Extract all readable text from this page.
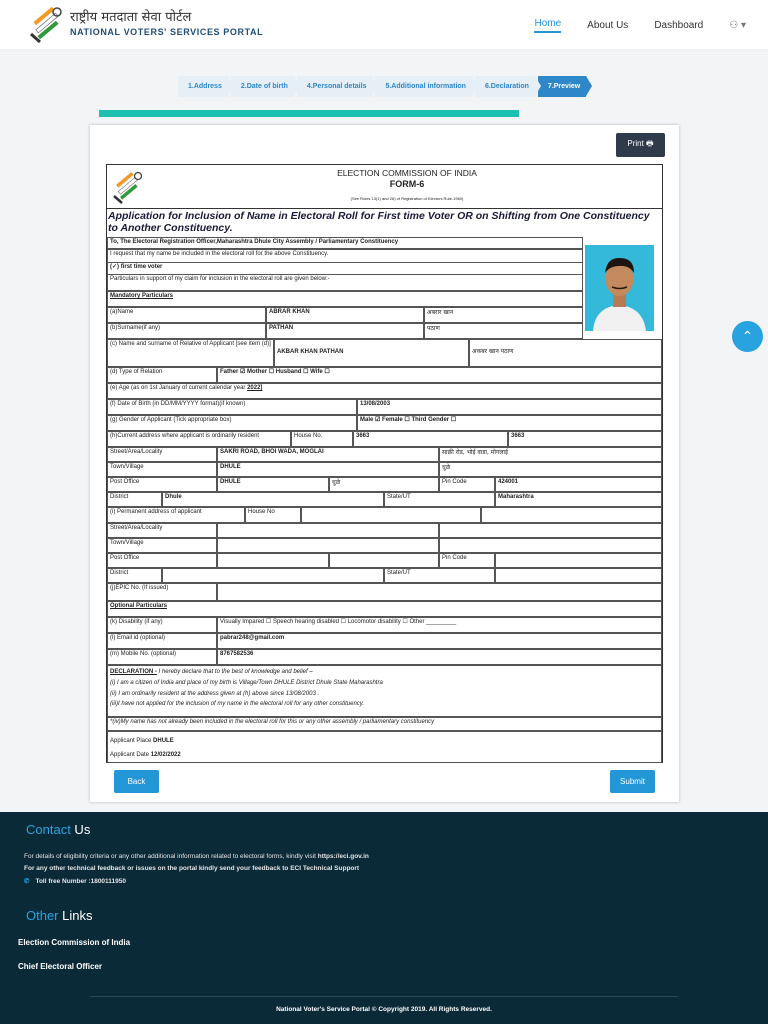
राष्ट्रीय मतदाता सेवा पोर्टल
NATIONAL VOTERS' SERVICES PORTAL
Home	About Us	Dashboard	⚇ ▾
1.Address	2.Date of birth	4.Personal details	5.Additional information	6.Declaration	7.Preview
Print 🖶
ELECTION COMMISSION OF INDIA
FORM-6
(See Rules 13(1) and 26) of Registration of Electors Rule-1960)
Application for Inclusion of Name in Electoral Roll for First time Voter OR on Shifting from One Constituency to Another Constituency.
To, The Electoral Registration Officer,Maharashtra Dhule City Assembly / Parliamentary Constituency
I request that my name be included in the electoral roll for the above Constituency.
(✓) first time voter
Particulars in support of my claim for inclusion in the electoral roll are given below:-
Mandatory Particulars
(a)Name	ABRAR KHAN	अबरार खान
(b)Surname(if any)	PATHAN	पठाण
(c) Name and surname of Relative of Applicant [see item (d)]
AKBAR KHAN PATHAN	अकबर खान पठाण
(d) Type of Relation	Father ☑ Mother ☐ Husband ☐ Wife ☐
(e) Age (as on 1st January of current calendar year 2022]
(f) Date of Birth (in DD/MM/YYYY format)(if known)	13/08/2003
(g) Gender of Applicant (Tick appropriate box)	Male ☑ Female ☐ Third Gender ☐
(h)Current address where applicant is ordinarily resident	House No.	3663	3663
Street/Area/Locality	SAKRI ROAD, BHOI WADA, MOGLAI	साक्री रोड, भोई वाडा, मोगलाई
Town/Village	DHULE	धुळे
Post Office	DHULE	धुळे	Pin Code	424001
District	Dhule	State/UT	Maharashtra
(i) Permanent address of applicant	House No
Street/Area/Locality
Town/Village
Post Office	Pin Code
District	State/UT
(j)EPIC No. (If issued)
Optional Particulars
(k) Disability (if any)	Visually Impared ☐ Speech hearing disabled ☐ Locomotor disability ☐ Other _________
(l) Email id (optional)	pabrar248@gmail.com
(m) Mobile No. (optional)	8767582536
DECLARATION - I hereby declare that to the best of knowledge and belief –
(i) I am a citizen of India and place of my birth is Village/Town DHULE District Dhule State Maharashtra
(ii) I am ordinarily resident at the address given at (h) above since 13/08/2003 .
(iii)I have not applied for the inclusion of my name in the electoral roll for any other constituency.
*(iv)My name has not already been included in the electoral roll for this or any other assembly / parliamentary constituency
Applicant Place DHULE
Applicant Date 12/02/2022
Back	Submit
⌃
Contact Us
For details of eligibility criteria or any other additional information related to electoral forms, kindly visit https://eci.gov.in
For any other technical feedback or issues on the portal kindly send your feedback to ECI Technical Support
✆ Toll free Number :1800111950
Other Links
Election Commission of India
Chief Electoral Officer
National Voter's Service Portal © Copyright 2019. All Rights Reserved.
